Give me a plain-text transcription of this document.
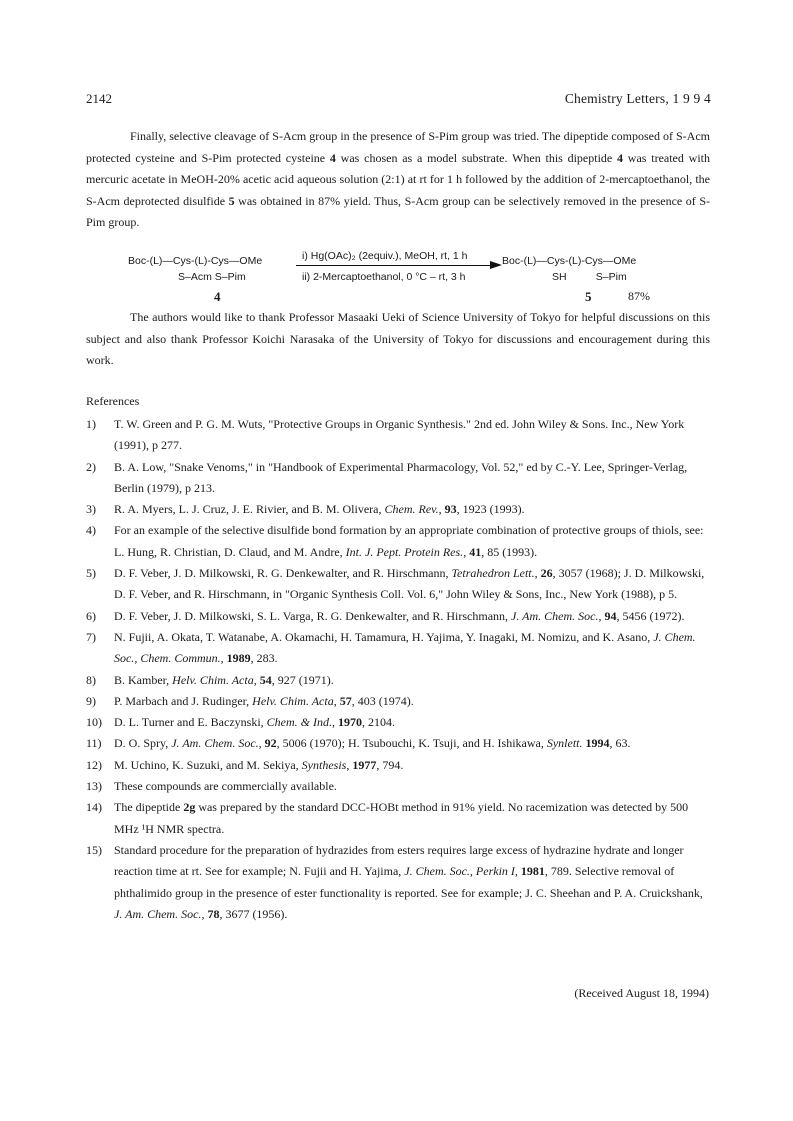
2142	Chemistry Letters, 1 9 9 4
Finally, selective cleavage of S-Acm group in the presence of S-Pim group was tried. The dipeptide composed of S-Acm protected cysteine and S-Pim protected cysteine 4 was chosen as a model substrate. When this dipeptide 4 was treated with mercuric acetate in MeOH-20% acetic acid aqueous solution (2:1) at rt for 1 h followed by the addition of 2-mercaptoethanol, the S-Acm deprotected disulfide 5 was obtained in 87% yield. Thus, S-Acm group can be selectively removed in the presence of S-Pim group.
Boc-(L)—Cys-(L)-Cys—OMe
S–Acm S–Pim
4
i) Hg(OAc)₂ (2equiv.), MeOH, rt, 1 h
ii) 2-Mercaptoethanol, 0 °C – rt, 3 h
Boc-(L)—Cys-(L)-Cys—OMe
SH          S–Pim
5	87%
The authors would like to thank Professor Masaaki Ueki of Science University of Tokyo for helpful discussions on this subject and also thank Professor Koichi Narasaka of the University of Tokyo for discussions and encouragement during this work.
References
1)	T. W. Green and P. G. M. Wuts, "Protective Groups in Organic Synthesis." 2nd ed. John Wiley & Sons. Inc., New York (1991), p 277.
2)	B. A. Low, "Snake Venoms," in "Handbook of Experimental Pharmacology, Vol. 52," ed by C.-Y. Lee, Springer-Verlag, Berlin (1979), p 213.
3)	R. A. Myers, L. J. Cruz, J. E. Rivier, and B. M. Olivera, Chem. Rev., 93, 1923 (1993).
4)	For an example of the selective disulfide bond formation by an appropriate combination of protective groups of thiols, see: L. Hung, R. Christian, D. Claud, and M. Andre, Int. J. Pept. Protein Res., 41, 85 (1993).
5)	D. F. Veber, J. D. Milkowski, R. G. Denkewalter, and R. Hirschmann, Tetrahedron Lett., 26, 3057 (1968); J. D. Milkowski, D. F. Veber, and R. Hirschmann, in "Organic Synthesis Coll. Vol. 6," John Wiley & Sons, Inc., New York (1988), p 5.
6)	D. F. Veber, J. D. Milkowski, S. L. Varga, R. G. Denkewalter, and R. Hirschmann, J. Am. Chem. Soc., 94, 5456 (1972).
7)	N. Fujii, A. Okata, T. Watanabe, A. Okamachi, H. Tamamura, H. Yajima, Y. Inagaki, M. Nomizu, and K. Asano, J. Chem. Soc., Chem. Commun., 1989, 283.
8)	B. Kamber, Helv. Chim. Acta, 54, 927 (1971).
9)	P. Marbach and J. Rudinger, Helv. Chim. Acta, 57, 403 (1974).
10)	D. L. Turner and E. Baczynski, Chem. & Ind., 1970, 2104.
11)	D. O. Spry, J. Am. Chem. Soc., 92, 5006 (1970); H. Tsubouchi, K. Tsuji, and H. Ishikawa, Synlett. 1994, 63.
12)	M. Uchino, K. Suzuki, and M. Sekiya, Synthesis, 1977, 794.
13)	These compounds are commercially available.
14)	The dipeptide 2g was prepared by the standard DCC-HOBt method in 91% yield. No racemization was detected by 500 MHz ¹H NMR spectra.
15)	Standard procedure for the preparation of hydrazides from esters requires large excess of hydrazine hydrate and longer reaction time at rt. See for example; N. Fujii and H. Yajima, J. Chem. Soc., Perkin I, 1981, 789. Selective removal of phthalimido group in the presence of ester functionality is reported. See for example; J. C. Sheehan and P. A. Cruickshank, J. Am. Chem. Soc., 78, 3677 (1956).
(Received August 18, 1994)
